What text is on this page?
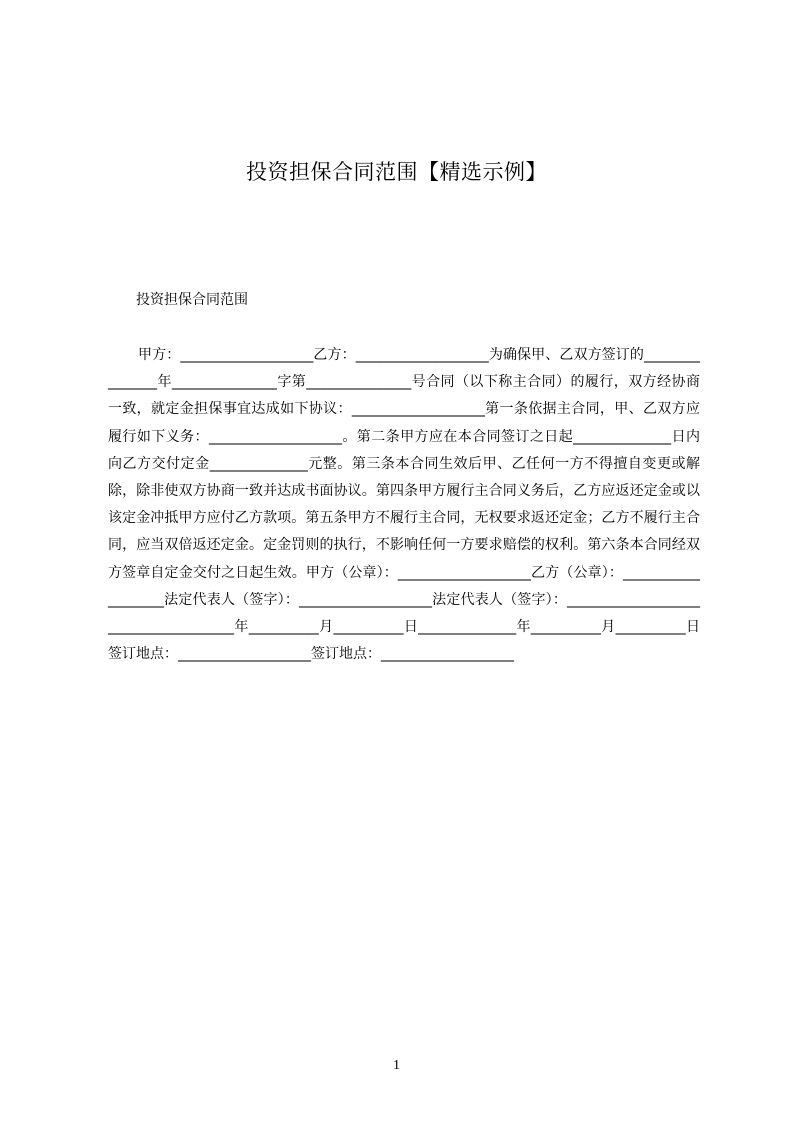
投资担保合同范围【精选示例】
投资担保合同范围

甲方：___________________乙方：___________________为确保甲、乙双方签订的_______________年_______________字第_______________号合同（以下称主合同）的履行，双方经协商一致，就定金担保事宜达成如下协议：___________________第一条依据主合同，甲、乙双方应履行如下义务：___________________。第二条甲方应在本合同签订之日起______________日内向乙方交付定金______________元整。第三条本合同生效后甲、乙任何一方不得擅自变更或解除，除非使双方协商一致并达成书面协议。第四条甲方履行主合同义务后，乙方应返还定金或以该定金冲抵甲方应付乙方款项。第五条甲方不履行主合同，无权要求返还定金；乙方不履行主合同，应当双倍返还定金。定金罚则的执行，不影响任何一方要求赔偿的权利。第六条本合同经双方签章自定金交付之日起生效。甲方（公章）：___________________乙方（公章）：___________________法定代表人（签字）：___________________法定代表人（签字）：_____________________________________年__________月__________日______________年__________月__________日签订地点：___________________签订地点：___________________

1
